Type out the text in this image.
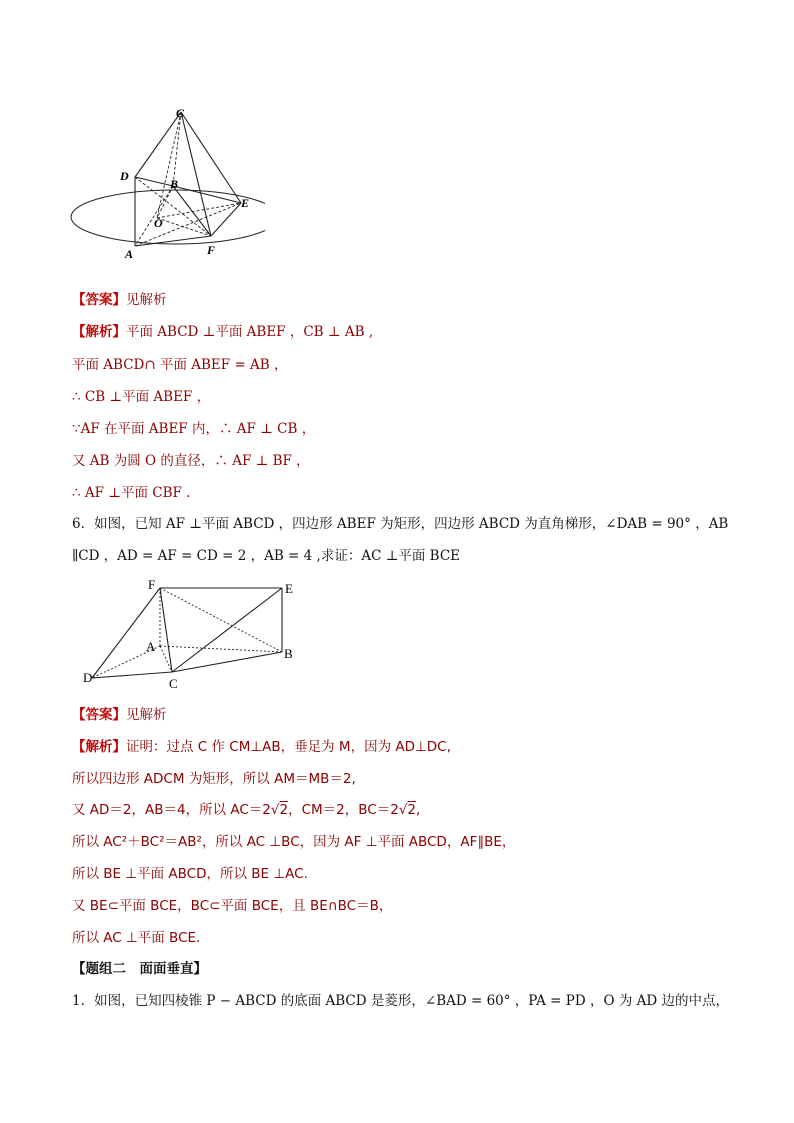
C
D
B
E
O
A	F
【答案】见解析
【解析】平面 ABCD ⊥平面 ABEF ，CB ⊥ AB ,
平面 ABCD∩ 平面 ABEF = AB ，
∴ CB ⊥平面 ABEF ，
∵AF 在平面 ABEF 内，∴ AF ⊥ CB ，
又 AB 为圆 O 的直径，∴ AF ⊥ BF ，
∴ AF ⊥平面 CBF .
6．如图，已知 AF ⊥平面 ABCD ，四边形 ABEF 为矩形，四边形 ABCD 为直角梯形，∠DAB = 90° ，AB
∥CD ，AD = AF = CD = 2 ，AB = 4 ,求证：AC ⊥平面 BCE
F	E
A	B
D	C
【答案】见解析
【解析】证明：过点 C 作 CM⊥AB，垂足为 M，因为 AD⊥DC,
所以四边形 ADCM 为矩形，所以 AM＝MB＝2,
又 AD＝2，AB＝4，所以 AC＝2√2，CM＝2，BC＝2√2,
所以 AC²＋BC²＝AB²，所以 AC ⊥BC，因为 AF ⊥平面 ABCD，AF∥BE，
所以 BE ⊥平面 ABCD，所以 BE ⊥AC.
又 BE⊂平面 BCE，BC⊂平面 BCE，且 BE∩BC＝B，
所以 AC ⊥平面 BCE.
【题组二　面面垂直】
1．如图，已知四棱锥 P − ABCD 的底面 ABCD 是菱形，∠BAD = 60° ，PA = PD ，O 为 AD 边的中点，
